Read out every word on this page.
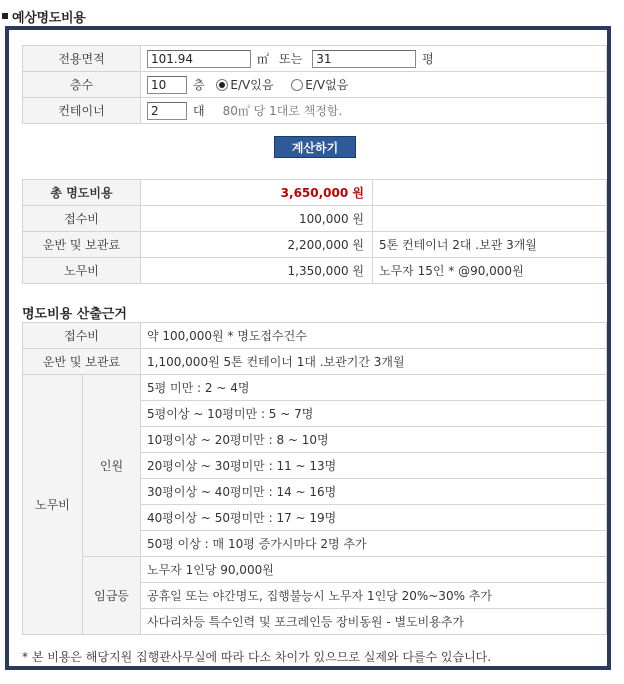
예상명도비용
전용면적	101.94 ㎡ 또는 31 평
층수	10 층 E/V있음 E/V없음
컨테이너	2 대 80㎡ 당 1대로 책정함.
계산하기
총 명도비용	3,650,000 원	
접수비	100,000 원	
운반 및 보관료	2,200,000 원	5톤 컨테이너 2대 .보관 3개월
노무비	1,350,000 원	노무자 15인 * @90,000원
명도비용 산출근거
접수비		약 100,000원 * 명도접수건수
운반 및 보관료		1,100,000원 5톤 컨테이너 1대 .보관기간 3개월
노무비	인원	5평 미만 : 2 ~ 4명
		5평이상 ~ 10평미만 : 5 ~ 7명
		10평이상 ~ 20평미만 : 8 ~ 10명
		20평이상 ~ 30평미만 : 11 ~ 13명
		30평이상 ~ 40평미만 : 14 ~ 16명
		40평이상 ~ 50평미만 : 17 ~ 19명
		50평 이상 : 매 10평 증가시마다 2명 추가
	임금등	노무자 1인당 90,000원
		공휴일 또는 야간명도, 집행불능시 노무자 1인당 20%~30% 추가
		사다리차등 특수인력 및 포크레인등 장비동원 - 별도비용추가
* 본 비용은 해당지원 집행관사무실에 따라 다소 차이가 있으므로 실제와 다를수 있습니다.
